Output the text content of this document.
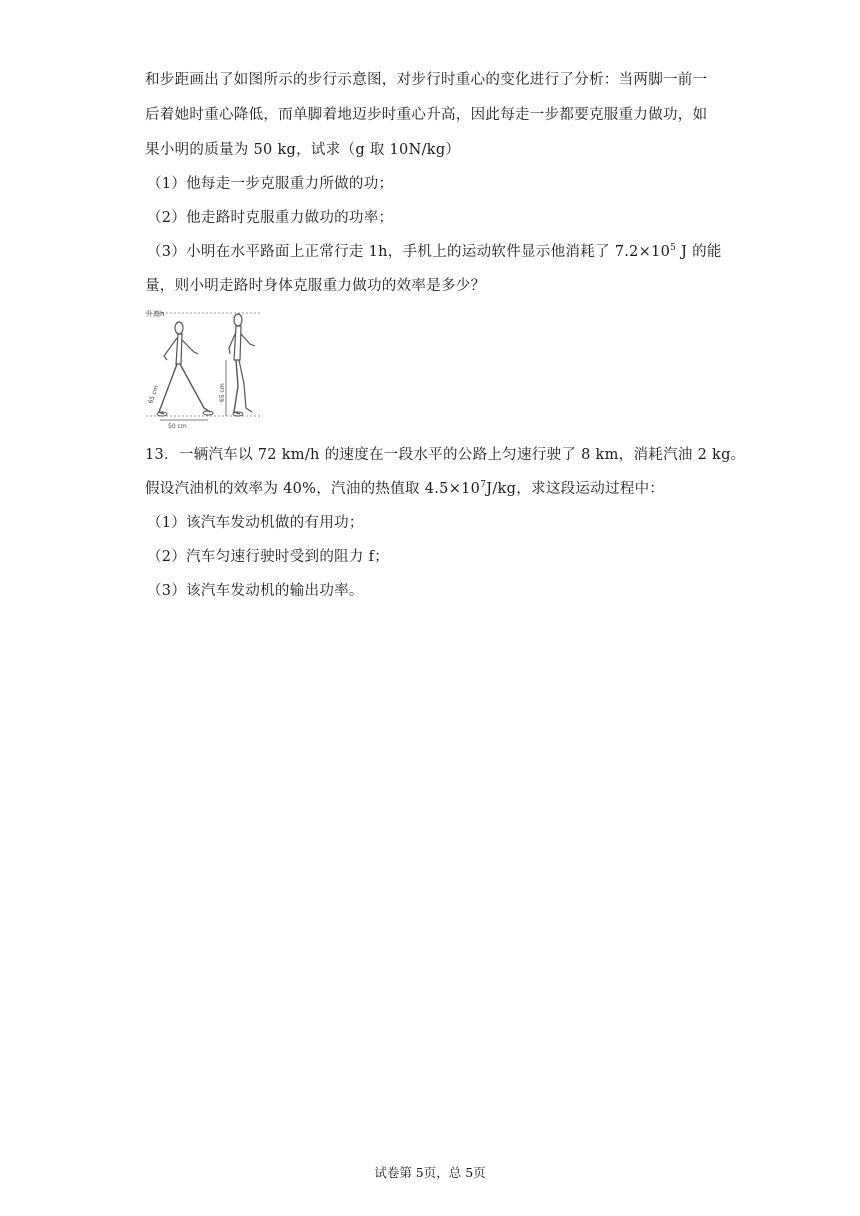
和步距画出了如图所示的步行示意图，对步行时重心的变化进行了分析：当两脚一前一
后着她时重心降低，而单脚着地迈步时重心升高，因此每走一步都要克服重力做功，如
果小明的质量为 50 kg，试求（g 取 10N/kg）
（1）他每走一步克服重力所做的功；
（2）他走路时克服重力做功的功率；
（3）小明在水平路面上正常行走 1h，手机上的运动软件显示他消耗了 $7.2\times 10^5$ J 的能
量，则小明走路时身体克服重力做功的效率是多少？
50 cm
升高h
65 cm	65 cm
13．一辆汽车以 72 km/h 的速度在一段水平的公路上匀速行驶了 8 km，消耗汽油 2 kg。
假设汽油机的效率为 40%，汽油的热值取 $4.5\times 10^7J/kg$，求这段运动过程中：
（1）该汽车发动机做的有用功；
（2）汽车匀速行驶时受到的阻力 f；
（3）该汽车发动机的输出功率。
试卷第 5页，总 5页
